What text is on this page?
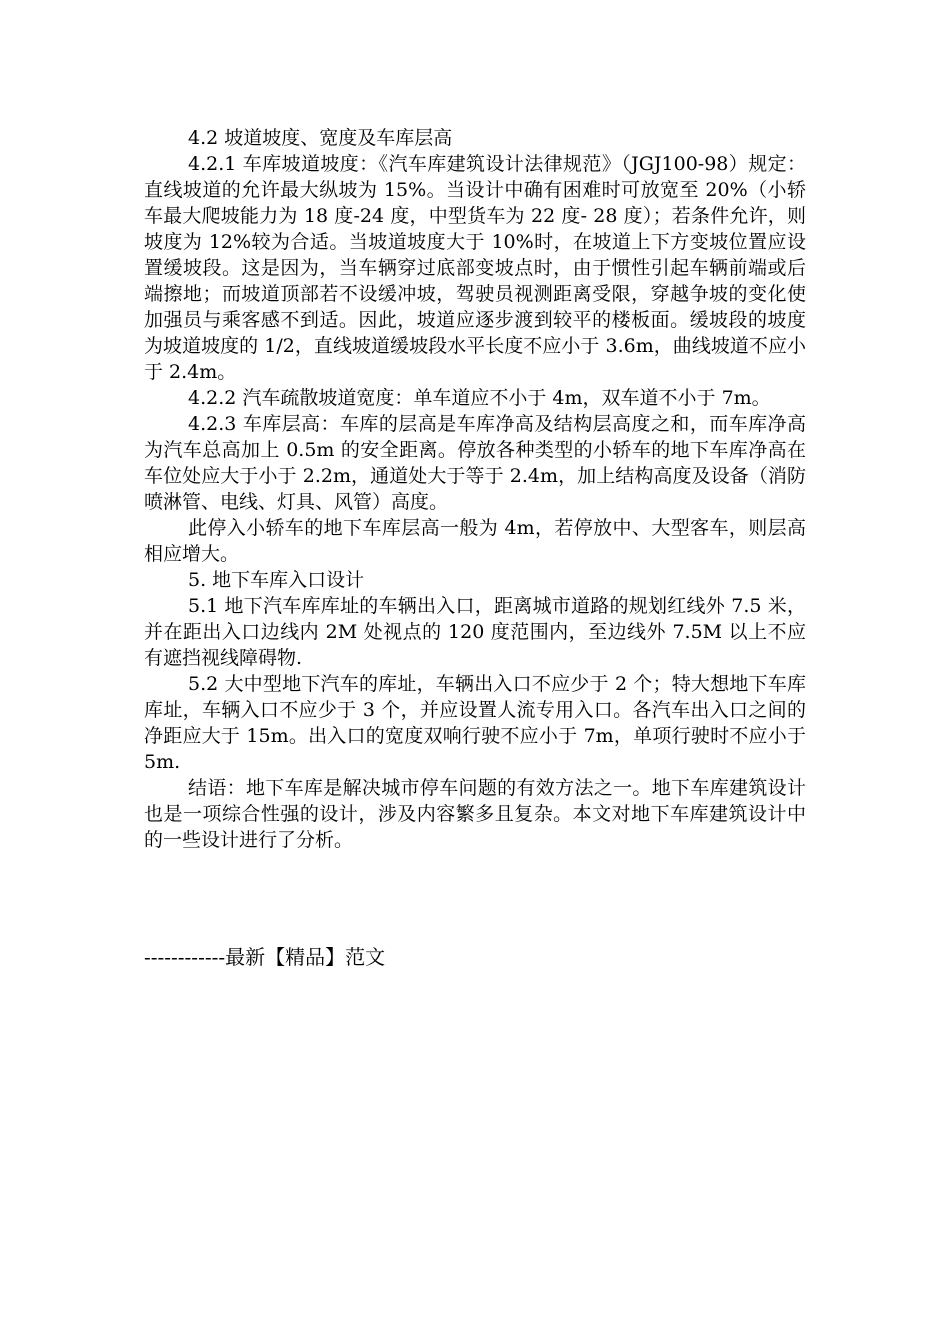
4.2 坡道坡度、宽度及车库层高

4.2.1 车库坡道坡度：《汽车库建筑设计法律规范》（JGJ100-98）规定：直线坡道的允许最大纵坡为 15%。当设计中确有困难时可放宽至 20%（小轿车最大爬坡能力为 18 度-24 度，中型货车为 22 度- 28 度）；若条件允许，则坡度为 12%较为合适。当坡道坡度大于 10%时，在坡道上下方变坡位置应设置缓坡段。这是因为，当车辆穿过底部变坡点时，由于惯性引起车辆前端或后端擦地；而坡道顶部若不设缓冲坡，驾驶员视测距离受限，穿越争坡的变化使加强员与乘客感不到适。因此，坡道应逐步渡到较平的楼板面。缓坡段的坡度为坡道坡度的 1/2，直线坡道缓坡段水平长度不应小于 3.6m，曲线坡道不应小于 2.4m。

4.2.2 汽车疏散坡道宽度：单车道应不小于 4m，双车道不小于 7m。

4.2.3 车库层高：车库的层高是车库净高及结构层高度之和，而车库净高为汽车总高加上 0.5m 的安全距离。停放各种类型的小轿车的地下车库净高在车位处应大于小于 2.2m，通道处大于等于 2.4m，加上结构高度及设备（消防喷淋管、电线、灯具、风管）高度。

此停入小轿车的地下车库层高一般为 4m，若停放中、大型客车，则层高相应增大。

5. 地下车库入口设计

5.1 地下汽车库库址的车辆出入口，距离城市道路的规划红线外 7.5 米，并在距出入口边线内 2M 处视点的 120 度范围内，至边线外 7.5M 以上不应有遮挡视线障碍物.

5.2 大中型地下汽车的库址，车辆出入口不应少于 2 个；特大想地下车库库址，车辆入口不应少于 3 个，并应设置人流专用入口。各汽车出入口之间的净距应大于 15m。出入口的宽度双响行驶不应小于 7m，单项行驶时不应小于 5m.

结语：地下车库是解决城市停车问题的有效方法之一。地下车库建筑设计也是一项综合性强的设计，涉及内容繁多且复杂。本文对地下车库建筑设计中的一些设计进行了分析。

------------最新【精品】范文
